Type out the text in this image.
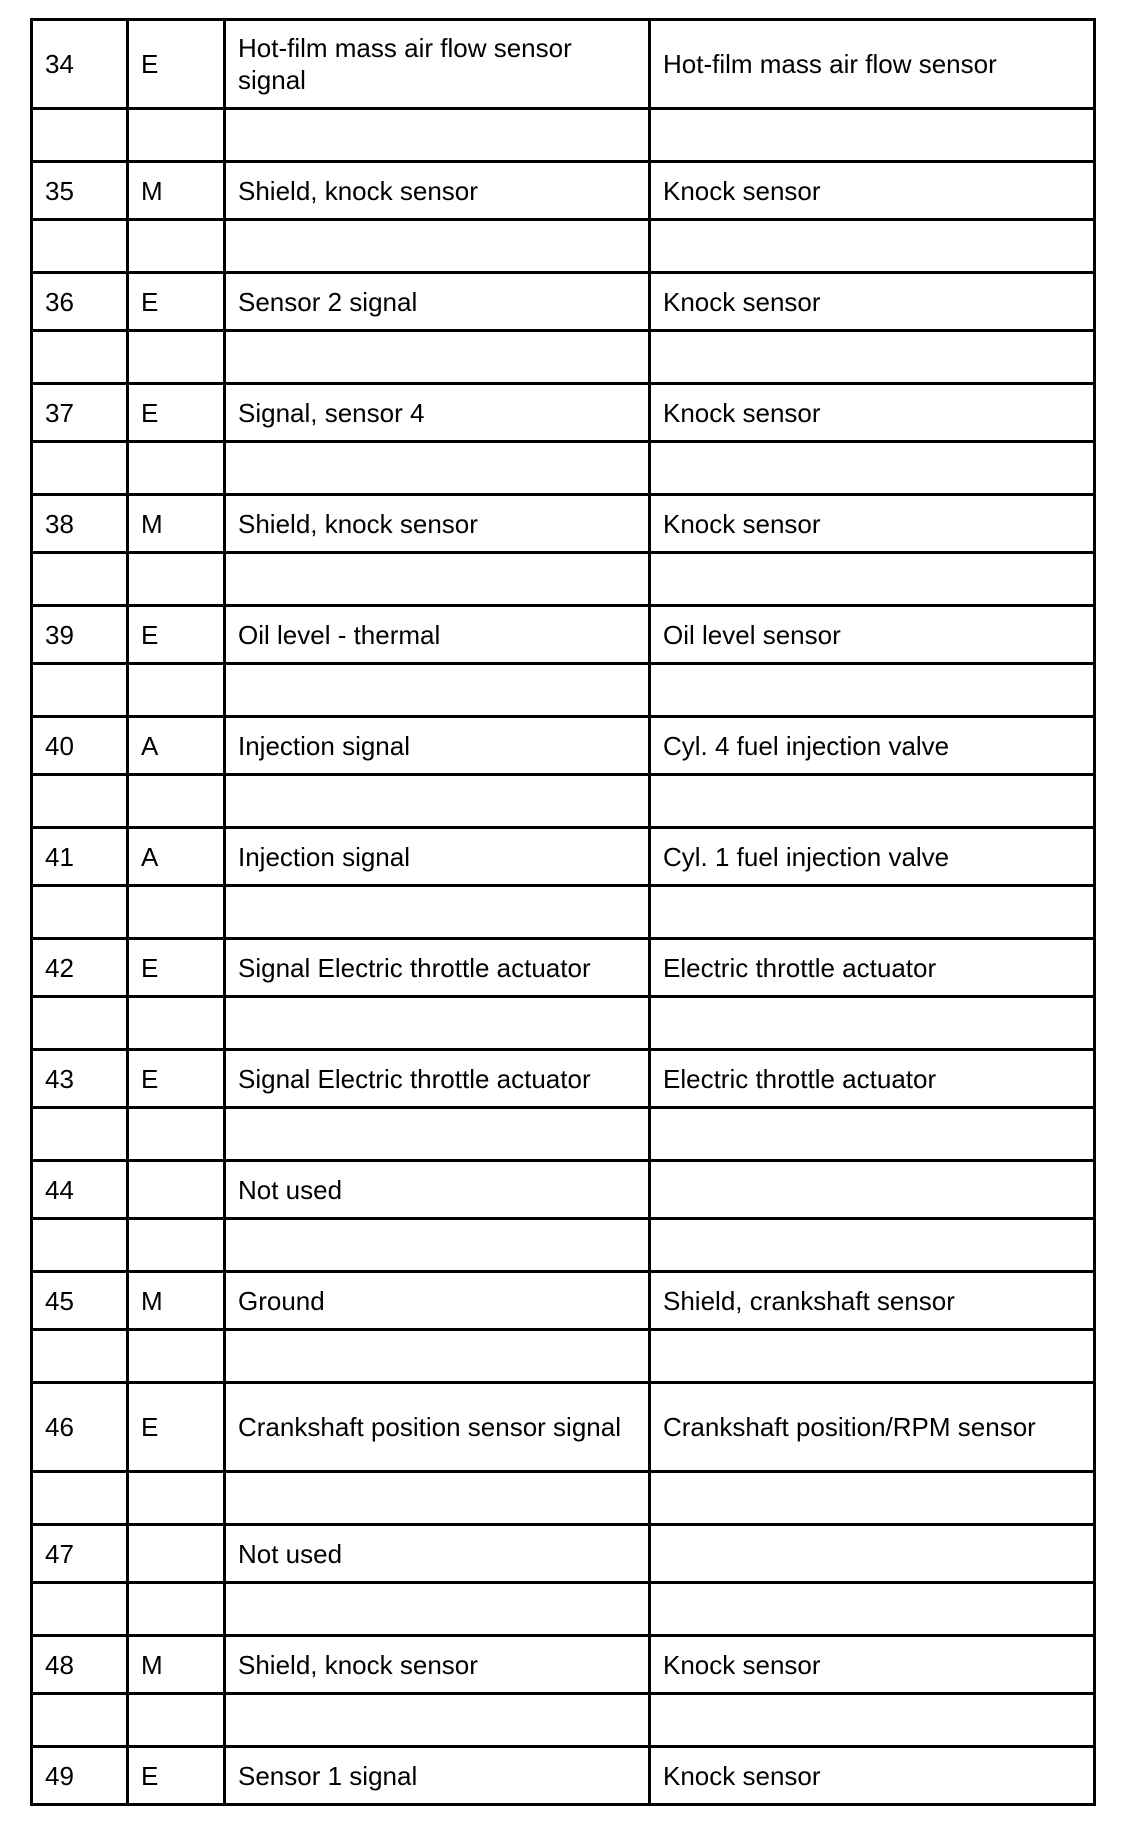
34	E	Hot-film mass air flow sensor signal	Hot-film mass air flow sensor

35	M	Shield, knock sensor	Knock sensor

36	E	Sensor 2 signal	Knock sensor

37	E	Signal, sensor 4	Knock sensor

38	M	Shield, knock sensor	Knock sensor

39	E	Oil level - thermal	Oil level sensor

40	A	Injection signal	Cyl. 4 fuel injection valve

41	A	Injection signal	Cyl. 1 fuel injection valve

42	E	Signal Electric throttle actuator	Electric throttle actuator

43	E	Signal Electric throttle actuator	Electric throttle actuator

44		Not used	

45	M	Ground	Shield, crankshaft sensor

46	E	Crankshaft position sensor signal	Crankshaft position/RPM sensor

47		Not used	

48	M	Shield, knock sensor	Knock sensor

49	E	Sensor 1 signal	Knock sensor
